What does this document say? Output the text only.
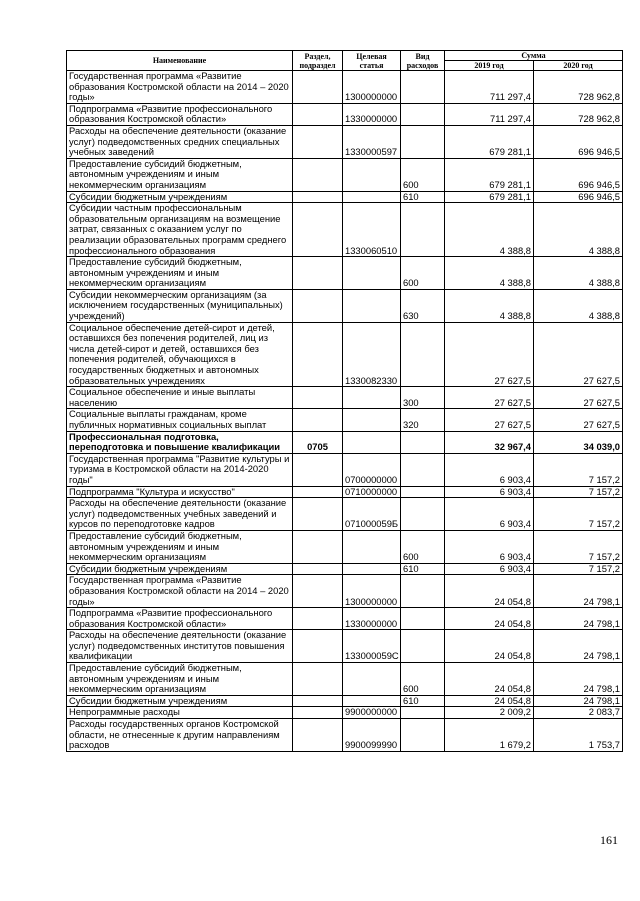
Наименование	Раздел, подраздел	Целевая статья	Вид расходов	Сумма	
				2019 год	2020 год
Государственная программа «Развитие образования Костромской области на 2014 – 2020 годы»		1300000000		711 297,4	728 962,8
Подпрограмма «Развитие профессионального образования Костромской области»		1330000000		711 297,4	728 962,8
Расходы на обеспечение деятельности (оказание услуг) подведомственных средних специальных учебных заведений		1330000597		679 281,1	696 946,5
Предоставление субсидий бюджетным, автономным учреждениям и иным некоммерческим организациям			600	679 281,1	696 946,5
Субсидии бюджетным учреждениям			610	679 281,1	696 946,5
Субсидии частным профессиональным образовательным организациям на возмещение затрат, связанных с оказанием услуг по реализации образовательных программ среднего профессионального образования		1330060510		4 388,8	4 388,8
Предоставление субсидий бюджетным, автономным учреждениям и иным некоммерческим организациям			600	4 388,8	4 388,8
Субсидии некоммерческим организациям (за исключением государственных (муниципальных) учреждений)			630	4 388,8	4 388,8
Социальное обеспечение детей-сирот и детей, оставшихся без попечения родителей, лиц из числа детей-сирот и детей, оставшихся без попечения родителей, обучающихся в государственных бюджетных и автономных образовательных учреждениях		1330082330		27 627,5	27 627,5
Социальное обеспечение и иные выплаты населению			300	27 627,5	27 627,5
Социальные выплаты гражданам, кроме публичных нормативных социальных выплат			320	27 627,5	27 627,5
Профессиональная подготовка, переподготовка и повышение квалификации	0705			32 967,4	34 039,0
Государственная программа "Развитие культуры и туризма в Костромской области на 2014-2020 годы"		0700000000		6 903,4	7 157,2
Подпрограмма "Культура и искусство"		0710000000		6 903,4	7 157,2
Расходы на обеспечение деятельности (оказание услуг) подведомственных учебных заведений и курсов по переподготовке кадров		071000059Б		6 903,4	7 157,2
Предоставление субсидий бюджетным, автономным учреждениям и иным некоммерческим организациям			600	6 903,4	7 157,2
Субсидии бюджетным учреждениям			610	6 903,4	7 157,2
Государственная программа «Развитие образования Костромской области на 2014 – 2020 годы»		1300000000		24 054,8	24 798,1
Подпрограмма «Развитие профессионального образования Костромской области»		1330000000		24 054,8	24 798,1
Расходы на обеспечение деятельности (оказание услуг) подведомственных институтов повышения квалификации		133000059С		24 054,8	24 798,1
Предоставление субсидий бюджетным, автономным учреждениям и иным некоммерческим организациям			600	24 054,8	24 798,1
Субсидии бюджетным учреждениям			610	24 054,8	24 798,1
Непрограммные расходы		9900000000		2 009,2	2 083,7
Расходы государственных органов Костромской области, не отнесенные к другим направлениям расходов		9900099990		1 679,2	1 753,7
161
